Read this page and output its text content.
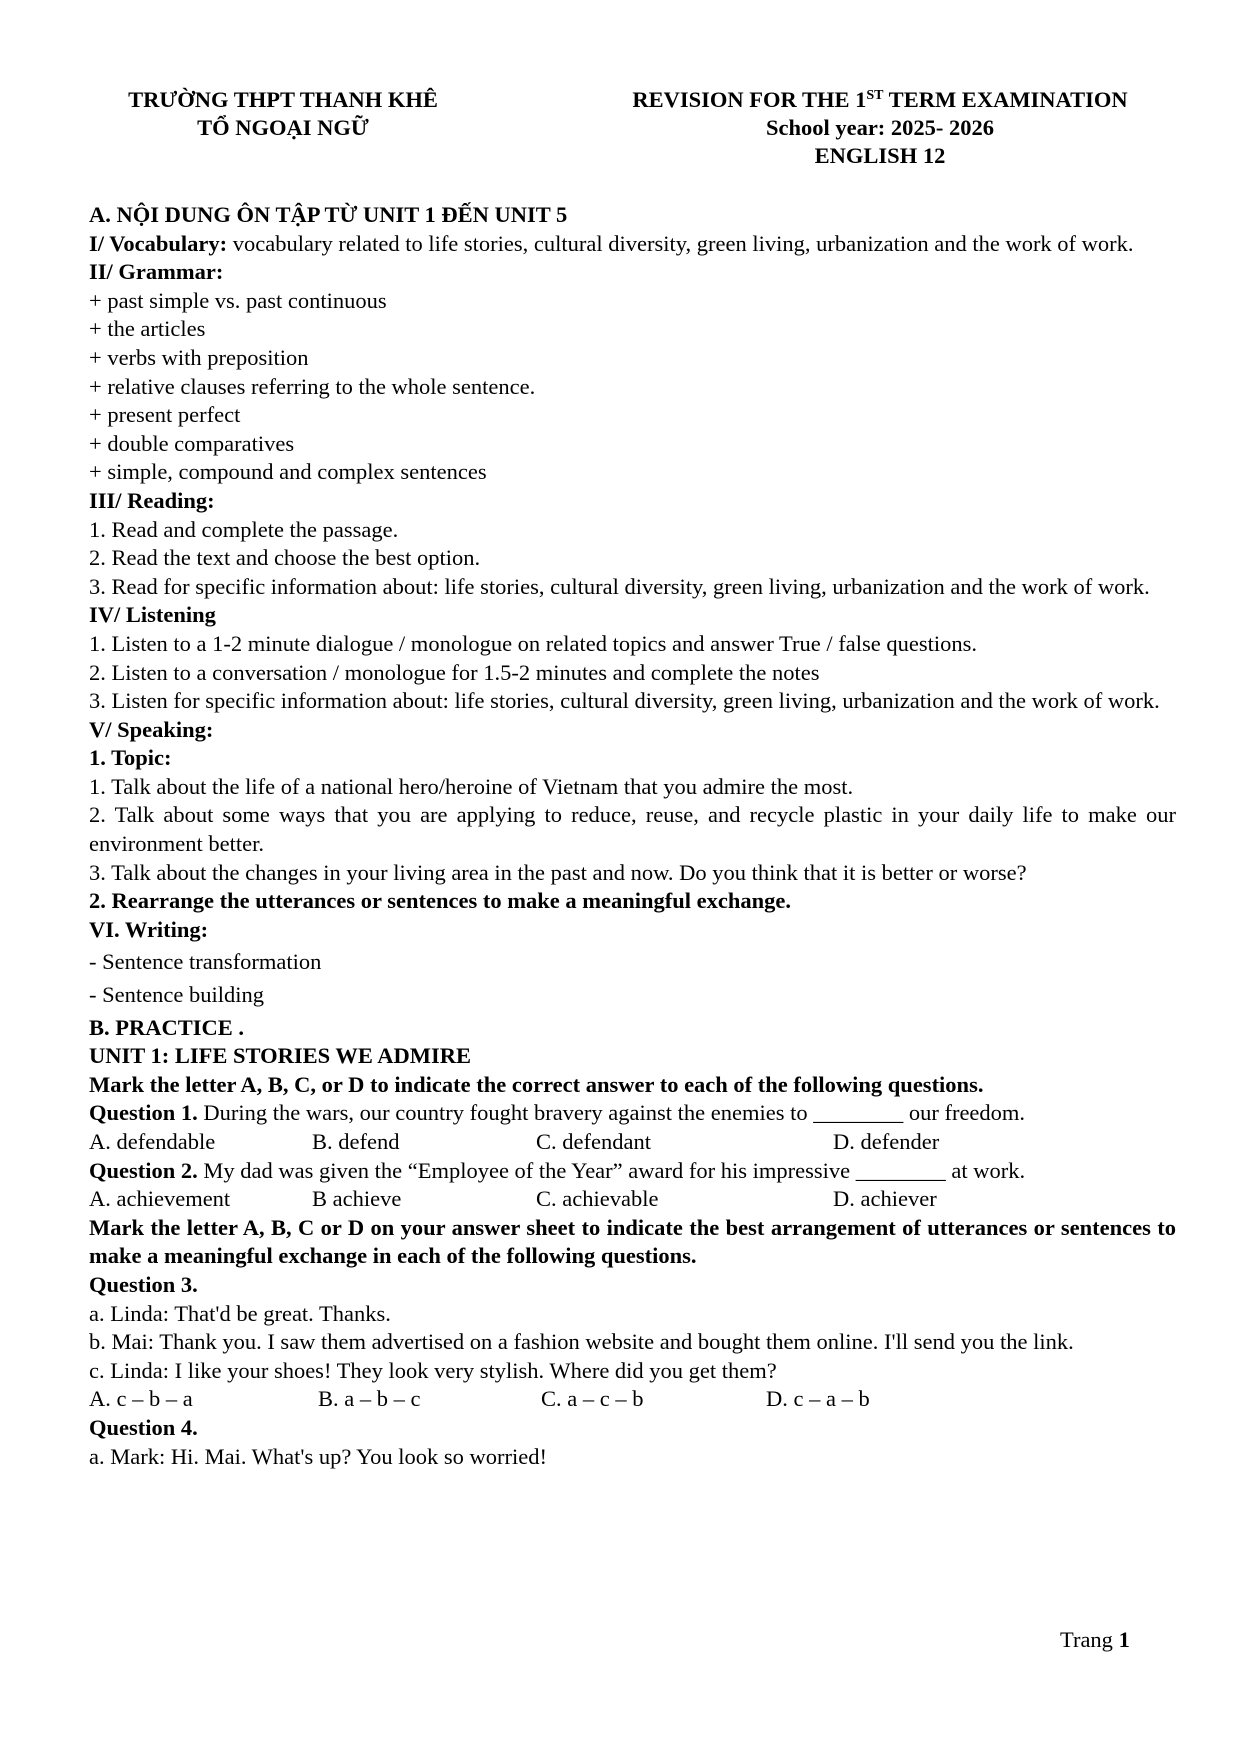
TRƯỜNG THPT THANH KHÊ
TỔ NGOẠI NGỮ
REVISION FOR THE 1ST TERM EXAMINATION
School year: 2025- 2026
ENGLISH 12

A. NỘI DUNG ÔN TẬP TỪ UNIT 1 ĐẾN UNIT 5

I/ Vocabulary: vocabulary related to life stories, cultural diversity, green living, urbanization and the work of work.

II/ Grammar:

+ past simple vs. past continuous

+ the articles

+ verbs with preposition

+ relative clauses referring to the whole sentence.

+ present perfect

+ double comparatives

+ simple, compound and complex sentences

III/ Reading:

1. Read and complete the passage.

2. Read the text and choose the best option.

3. Read for specific information about: life stories, cultural diversity, green living, urbanization and the work of work.

IV/ Listening

1. Listen to a 1-2 minute dialogue / monologue on related topics and answer True / false questions.

2. Listen to a conversation / monologue for 1.5-2 minutes and complete the notes

3. Listen for specific information about: life stories, cultural diversity, green living, urbanization and the work of work.

V/ Speaking:

1. Topic:

1. Talk about the life of a national hero/heroine of Vietnam that you admire the most.

2. Talk about some ways that you are applying to reduce, reuse, and recycle plastic in your daily life to make our environment better.

3. Talk about the changes in your living area in the past and now. Do you think that it is better or worse?

2. Rearrange the utterances or sentences to make a meaningful exchange.

VI. Writing:

- Sentence transformation

- Sentence building

B. PRACTICE .

UNIT 1: LIFE STORIES WE ADMIRE

Mark the letter A, B, C, or D to indicate the correct answer to each of the following questions.

Question 1. During the wars, our country fought bravery against the enemies to ________ our freedom.

A. defendable	B. defend	C. defendant	D. defender

Question 2. My dad was given the “Employee of the Year” award for his impressive ________ at work.

A. achievement	B achieve	C. achievable	D. achiever

Mark the letter A, B, C or D on your answer sheet to indicate the best arrangement of utterances or sentences to make a meaningful exchange in each of the following questions.

Question 3.

a. Linda: That'd be great. Thanks.

b. Mai: Thank you. I saw them advertised on a fashion website and bought them online. I'll send you the link.

c. Linda: I like your shoes! They look very stylish. Where did you get them?

A. c – b – a	B. a – b – c	C. a – c – b	D. c – a – b

Question 4.

a. Mark: Hi. Mai. What's up? You look so worried!

Trang 1
